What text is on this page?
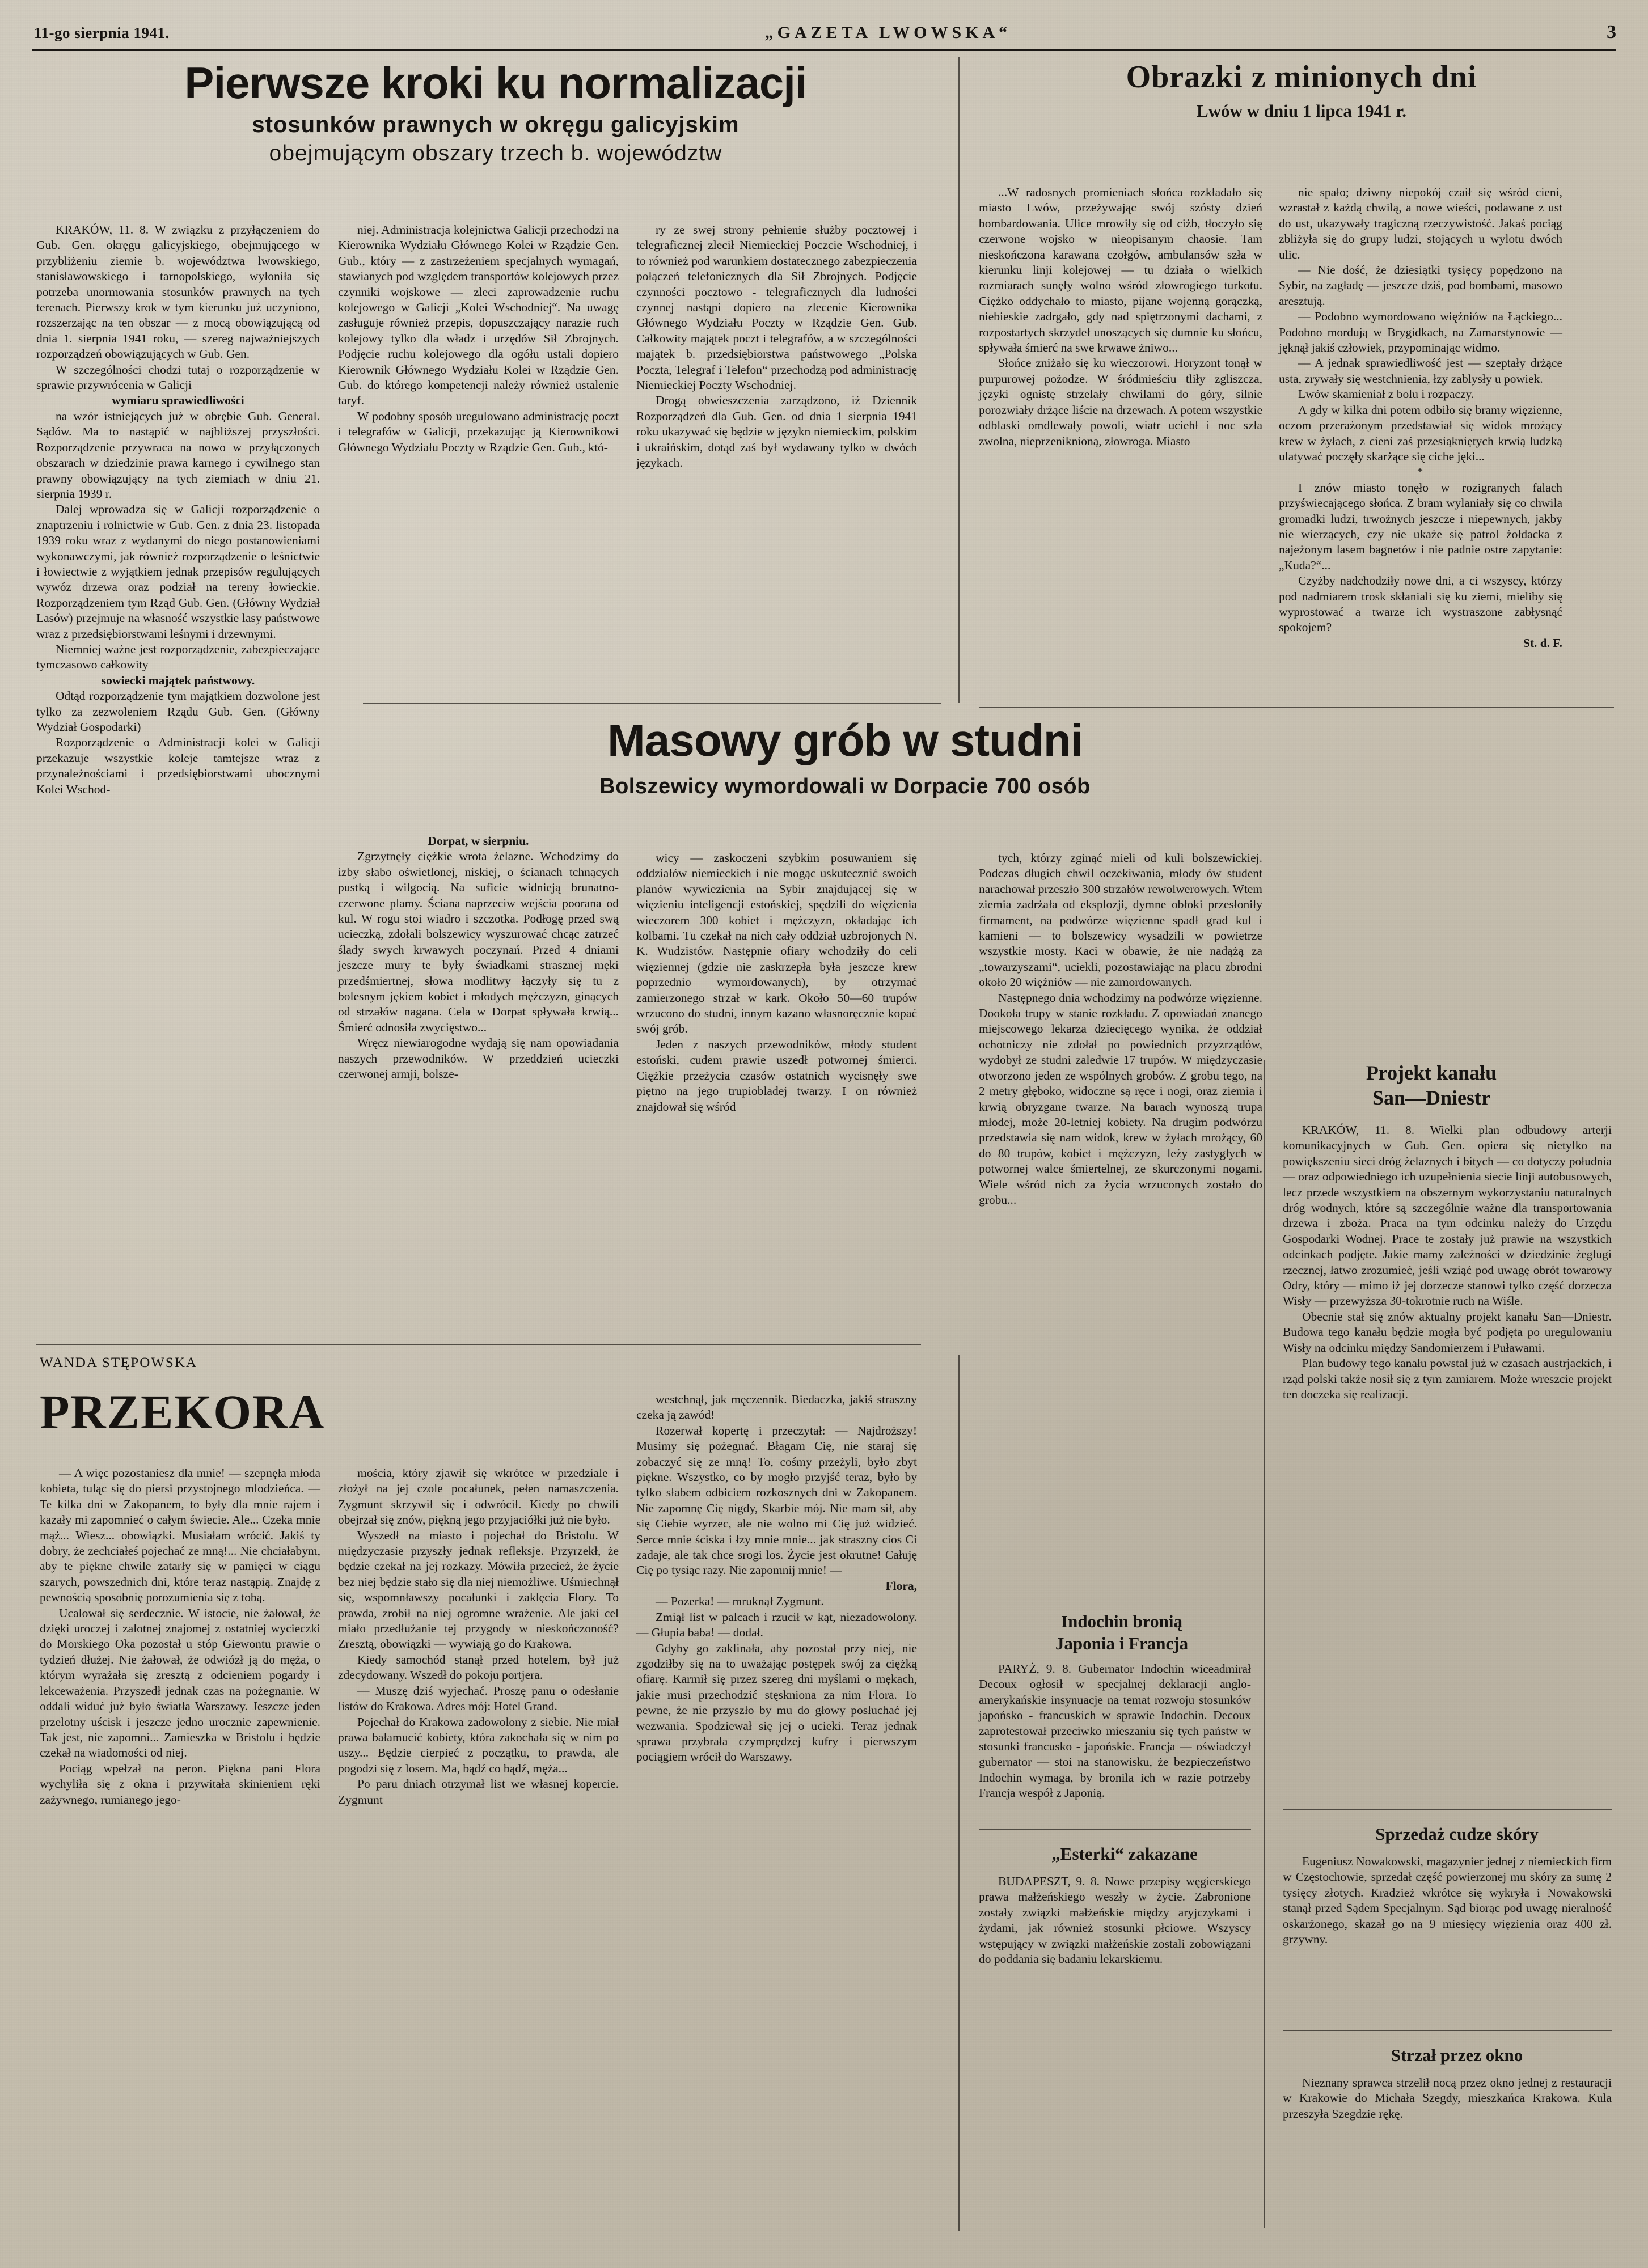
11-go sierpnia 1941.	„GAZETA LWOWSKA“	3
Pierwsze kroki ku normalizacji
stosunków prawnych w okręgu galicyjskim
obejmującym obszary trzech b. województw

KRAKÓW, 11. 8. W związku z przyłączeniem do Gub. Gen. okręgu galicyjskiego, obejmującego w przybliżeniu ziemie b. województwa lwowskiego, stanisławowskiego i tarnopolskiego, wyłoniła się potrzeba unormowania stosunków prawnych na tych terenach. Pierwszy krok w tym kierunku już uczyniono, rozszerzając na ten obszar — z mocą obowiązującą od dnia 1. sierpnia 1941 roku, — szereg najważniejszych rozporządzeń obowiązujących w Gub. Gen.

W szczególności chodzi tutaj o rozporządzenie w sprawie przywrócenia w Galicji

wymiaru sprawiedliwości

na wzór istniejących już w obrębie Gub. General. Sądów. Ma to nastąpić w najbliższej przyszłości. Rozporządzenie przywraca na nowo w przyłączonych obszarach w dziedzinie prawa karnego i cywilnego stan prawny obowiązujący na tych ziemiach w dniu 21. sierpnia 1939 r.

Dalej wprowadza się w Galicji rozporządzenie o znaptrzeniu i rolnictwie w Gub. Gen. z dnia 23. listopada 1939 roku wraz z wydanymi do niego postanowieniami wykonawczymi, jak również rozporządzenie o leśnictwie i łowiectwie z wyjątkiem jednak przepisów regulujących wywóz drzewa oraz podział na tereny łowieckie. Rozporządzeniem tym Rząd Gub. Gen. (Główny Wydział Lasów) przejmuje na własność wszystkie lasy państwowe wraz z przedsiębiorstwami leśnymi i drzewnymi.

Niemniej ważne jest rozporządzenie, zabezpieczające tymczasowo całkowity

sowiecki majątek państwowy.

Odtąd rozporządzenie tym majątkiem dozwolone jest tylko za zezwoleniem Rządu Gub. Gen. (Główny Wydział Gospodarki)

Rozporządzenie o Administracji kolei w Galicji przekazuje wszystkie koleje tamtejsze wraz z przynależnościami i przedsiębiorstwami ubocznymi Kolei Wschod-

niej. Administracja kolejnictwa Galicji przechodzi na Kierownika Wydziału Głównego Kolei w Rządzie Gen. Gub., który — z zastrzeżeniem specjalnych wymagań, stawianych pod względem transportów kolejowych przez czynniki wojskowe — zleci zaprowadzenie ruchu kolejowego w Galicji „Kolei Wschodniej“. Na uwagę zasługuje również przepis, dopuszczający narazie ruch kolejowy tylko dla władz i urzędów Sił Zbrojnych. Podjęcie ruchu kolejowego dla ogółu ustali dopiero Kierownik Głównego Wydziału Kolei w Rządzie Gen. Gub. do którego kompetencji należy również ustalenie taryf.

W podobny sposób uregulowano administrację poczt i telegrafów w Galicji, przekazując ją Kierownikowi Głównego Wydziału Poczty w Rządzie Gen. Gub., któ-

ry ze swej strony pełnienie służby pocztowej i telegraficznej zlecił Niemieckiej Poczcie Wschodniej, i to również pod warunkiem dostatecznego zabezpieczenia połączeń telefonicznych dla Sił Zbrojnych. Podjęcie czynności pocztowo - telegraficznych dla ludności czynnej nastąpi dopiero na zlecenie Kierownika Głównego Wydziału Poczty w Rządzie Gen. Gub. Całkowity majątek poczt i telegrafów, a w szczególności majątek b. przedsiębiorstwa państwowego „Polska Poczta, Telegraf i Telefon“ przechodzą pod administrację Niemieckiej Poczty Wschodniej.

Drogą obwieszczenia zarządzono, iż Dziennik Rozporządzeń dla Gub. Gen. od dnia 1 sierpnia 1941 roku ukazywać się będzie w językn niemieckim, polskim i ukraińskim, dotąd zaś był wydawany tylko w dwóch językach.

Obrazki z minionych dni
Lwów w dniu 1 lipca 1941 r.

...W radosnych promieniach słońca rozkładało się miasto Lwów, przeżywając swój szósty dzień bombardowania. Ulice mrowiły się od ciżb, tłoczyło się czerwone wojsko w nieopisanym chaosie. Tam nieskończona karawana czołgów, ambulansów szła w kierunku linji kolejowej — tu działa o wielkich rozmiarach sunęły wolno wśród złowrogiego turkotu. Ciężko oddychało to miasto, pijane wojenną gorączką, niebieskie zadrgało, gdy nad spiętrzonymi dachami, z rozpostartych skrzydeł unoszących się dumnie ku słońcu, spływała śmierć na swe krwawe żniwo...

Słońce zniżało się ku wieczorowi. Horyzont tonął w purpurowej pożodze. W śródmieściu tliły zgliszcza, języki ognistę strzelały chwilami do góry, silnie porozwiały drżące liście na drzewach. A potem wszystkie odblaski omdlewały powoli, wiatr uciehł i noc szła zwolna, nieprzeniknioną, złowroga. Miasto

nie spało; dziwny niepokój czaił się wśród cieni, wzrastał z każdą chwilą, a nowe wieści, podawane z ust do ust, ukazywały tragiczną rzeczywistość. Jakaś pociąg zbliżyła się do grupy ludzi, stojących u wylotu dwóch ulic.

— Nie dość, że dziesiątki tysięcy popędzono na Sybir, na zagładę — jeszcze dziś, pod bombami, masowo aresztują.

— Podobno wymordowano więźniów na Łąckiego... Podobno mordują w Brygidkach, na Zamarstynowie — jęknął jakiś człowiek, przypominając widmo.

— A jednak sprawiedliwość jest — szeptały drżące usta, zrywały się westchnienia, łzy zablysły u powiek.

Lwów skamieniał z bolu i rozpaczy.

A gdy w kilka dni potem odbiło się bramy więzienne, oczom przerażonym przedstawiał się widok mrożący krew w żyłach, z cieni zaś przesiąkniętych krwią ludzką ulatywać poczęły skarżące się ciche jęki...

*

I znów miasto tonęło w rozigranych falach przyświecającego słońca. Z bram wylaniały się co chwila gromadki ludzi, trwożnych jeszcze i niepewnych, jakby nie wierzących, czy nie ukaże się patrol żołdacka z najeżonym lasem bagnetów i nie padnie ostre zapytanie: „Kuda?“...

Czyżby nadchodziły nowe dni, a ci wszyscy, którzy pod nadmiarem trosk skłaniali się ku ziemi, mieliby się wyprostować a twarze ich wystraszone zabłysnąć spokojem?

St. d. F.

Masowy grób w studni
Bolszewicy wymordowali w Dorpacie 700 osób

Dorpat, w sierpniu.

Zgrzytnęły ciężkie wrota żelazne. Wchodzimy do izby słabo oświetlonej, niskiej, o ścianach tchnących pustką i wilgocią. Na suficie widnieją brunatno-czerwone plamy. Ściana naprzeciw wejścia poorana od kul. W rogu stoi wiadro i szczotka. Podłogę przed swą ucieczką, zdołali bolszewicy wyszurować chcąc zatrzeć ślady swych krwawych poczynań. Przed 4 dniami jeszcze mury te były świadkami strasznej męki przedśmiertnej, słowa modlitwy łączyły się tu z bolesnym jękiem kobiet i młodych mężczyzn, ginących od strzałów nagana. Cela w Dorpat spływała krwią... Śmierć odnosiła zwycięstwo...

Wręcz niewiarogodne wydają się nam opowiadania naszych przewodników. W przeddzień ucieczki czerwonej armji, bolsze-

wicy — zaskoczeni szybkim posuwaniem się oddziałów niemieckich i nie mogąc uskutecznić swoich planów wywiezienia na Sybir znajdującej się w więzieniu inteligencji estońskiej, spędzili do więzienia wieczorem 300 kobiet i mężczyzn, okładając ich kolbami. Tu czekał na nich cały oddział uzbrojonych N. K. Wudzistów. Następnie ofiary wchodziły do celi więziennej (gdzie nie zaskrzepła była jeszcze krew poprzednio wymordowanych), by otrzymać zamierzonego strzał w kark. Około 50—60 trupów wrzucono do studni, innym kazano własnoręcznie kopać swój grób.

Jeden z naszych przewodników, młody student estoński, cudem prawie uszedł potwornej śmierci. Ciężkie przeżycia czasów ostatnich wycisnęły swe piętno na jego trupiobladej twarzy. I on również znajdował się wśród

tych, którzy zginąć mieli od kuli bolszewickiej. Podczas długich chwil oczekiwania, młody ów student narachował przeszło 300 strzałów rewolwerowych. Wtem ziemia zadrżała od eksplozji, dymne obłoki przesłoniły firmament, na podwórze więzienne spadł grad kul i kamieni — to bolszewicy wysadzili w powietrze wszystkie mosty. Kaci w obawie, że nie nadążą za „towarzyszami“, uciekli, pozostawiając na placu zbrodni około 20 więźniów — nie zamordowanych.

Następnego dnia wchodzimy na podwórze więzienne. Dookoła trupy w stanie rozkładu. Z opowiadań znanego miejscowego lekarza dziecięcego wynika, że oddział ochotniczy nie zdołał po powiednich przyzrządów, wydobył ze studni zaledwie 17 trupów. W międzyczasie otworzono jeden ze wspólnych grobów. Z grobu tego, na 2 metry głęboko, widoczne są ręce i nogi, oraz ziemia i krwią obryzgane twarze. Na barach wynoszą trupa młodej, może 20-letniej kobiety. Na drugim podwórzu przedstawia się nam widok, krew w żyłach mrożący, 60 do 80 trupów, kobiet i mężczyzn, leży zastygłych w potwornej walce śmiertelnej, ze skurczonymi nogami. Wiele wśród nich za życia wrzuconych zostało do grobu...

Projekt kanału

San—Dniestr

KRAKÓW, 11. 8. Wielki plan odbudowy arterji komunikacyjnych w Gub. Gen. opiera się nietylko na powiększeniu sieci dróg żelaznych i bitych — co dotyczy południa — oraz odpowiedniego ich uzupełnienia siecie linji autobusowych, lecz przede wszystkiem na obszernym wykorzystaniu naturalnych dróg wodnych, które są szczególnie ważne dla transportowania drzewa i zboża. Praca na tym odcinku należy do Urzędu Gospodarki Wodnej. Prace te zostały już prawie na wszystkich odcinkach podjęte. Jakie mamy zależności w dziedzinie żeglugi rzecznej, łatwo zrozumieć, jeśli wziąć pod uwagę obrót towarowy Odry, który — mimo iż jej dorzecze stanowi tylko część dorzecza Wisły — przewyższa 30-tokrotnie ruch na Wiśle.

Obecnie stał się znów aktualny projekt kanału San—Dniestr. Budowa tego kanału będzie mogła być podjęta po uregulowaniu Wisły na odcinku między Sandomierzem i Puławami.

Plan budowy tego kanału powstał już w czasach austrjackich, i rząd polski także nosił się z tym zamiarem. Może wreszcie projekt ten doczeka się realizacji.

WANDA STĘPOWSKA
PRZEKORA

— A więc pozostaniesz dla mnie! — szepnęła młoda kobieta, tuląc się do piersi przystojnego mlodzieńca. — Te kilka dni w Zakopanem, to były dla mnie rajem i kazały mi zapomnieć o całym świecie. Ale... Czeka mnie mąż... Wiesz... obowiązki. Musiałam wrócić. Jakiś ty dobry, że zechciałeś pojechać ze mną!... Nie chciałabym, aby te piękne chwile zatarły się w pamięci w ciągu szarych, powszednich dni, które teraz nastąpią. Znajdę z pewnością sposobnię porozumienia się z tobą.

Ucalował się serdecznie. W istocie, nie żałował, że dzięki uroczej i zalotnej znajomej z ostatniej wycieczki do Morskiego Oka pozostał u stóp Giewontu prawie o tydzień dłużej. Nie żałował, że odwiózł ją do męża, o którym wyrażała się zresztą z odcieniem pogardy i lekceważenia. Przyszedł jednak czas na pożegnanie. W oddali widuć już było światła Warszawy. Jeszcze jeden przelotny uścisk i jeszcze jedno urocznie zapewnienie. Tak jest, nie zapomni... Zamieszka w Bristolu i będzie czekał na wiadomości od niej.

Pociąg wpełzał na peron. Piękna pani Flora wychyliła się z okna i przywitała skinieniem ręki zażywnego, rumianego jego-

mościa, który zjawił się wkrótce w przedziale i złożył na jej czole pocałunek, pełen namaszczenia. Zygmunt skrzywił się i odwrócił. Kiedy po chwili obejrzał się znów, piękną jego przyjaciółki już nie było.

Wyszedł na miasto i pojechał do Bristolu. W międzyczasie przyszły jednak refleksje. Przyrzekł, że będzie czekał na jej rozkazy. Mówiła przecież, że życie bez niej będzie stało się dla niej niemożliwe. Uśmiechnął się, wspomnławszy pocałunki i zaklęcia Flory. To prawda, zrobił na niej ogromne wrażenie. Ale jaki cel miało przedłużanie tej przygody w nieskończoność? Zresztą, obowiązki — wywiają go do Krakowa.

Kiedy samochód stanął przed hotelem, był już zdecydowany. Wszedł do pokoju portjera.

— Muszę dziś wyjechać. Proszę panu o odesłanie listów do Krakowa. Adres mój: Hotel Grand.

Pojechał do Krakowa zadowolony z siebie. Nie miał prawa bałamucić kobiety, która zakochała się w nim po uszy... Będzie cierpieć z początku, to prawda, ale pogodzi się z losem. Ma, bądź co bądź, męża...

Po paru dniach otrzymał list we własnej kopercie. Zygmunt

westchnął, jak męczennik. Biedaczka, jakiś straszny czeka ją zawód!

Rozerwał kopertę i przeczytał: — Najdroższy! Musimy się pożegnać. Błagam Cię, nie staraj się zobaczyć się ze mną! To, cośmy przeżyli, było zbyt piękne. Wszystko, co by mogło przyjść teraz, było by tylko słabem odbiciem rozkosznych dni w Zakopanem. Nie zapomnę Cię nigdy, Skarbie mój. Nie mam sił, aby się Ciebie wyrzec, ale nie wolno mi Cię już widzieć. Serce mnie ściska i łzy mnie mnie... jak straszny cios Ci zadaje, ale tak chce srogi los. Życie jest okrutne! Całuję Cię po tysiąc razy. Nie zapomnij mnie! —

Flora,

— Pozerka! — mruknął Zygmunt.

Zmiął list w palcach i rzucił w kąt, niezadowolony. — Głupia baba! — dodał.

Gdyby go zaklinała, aby pozostał przy niej, nie zgodziłby się na to uważając postępek swój za ciężką ofiarę. Karmił się przez szereg dni myślami o mękach, jakie musi przechodzić stęskniona za nim Flora. To pewne, że nie przyszło by mu do głowy posłuchać jej wezwania. Spodziewał się jej o ucieki. Teraz jednak sprawa przybrała czymprędzej kufry i pierwszym pociągiem wrócił do Warszawy.

Indochin bronią

Japonia i Francja

PARYŻ, 9. 8. Gubernator Indochin wiceadmirał Decoux ogłosił w specjalnej deklaracji anglo-amerykańskie insynuacje na temat rozwoju stosunków japońsko - francuskich w sprawie Indochin. Decoux zaprotestował przeciwko mieszaniu się tych państw w stosunki francusko - japońskie. Francja — oświadczył gubernator — stoi na stanowisku, że bezpieczeństwo Indochin wymaga, by bronila ich w razie potrzeby Francja wespół z Japonią.

„Esterki“ zakazane

BUDAPESZT, 9. 8. Nowe przepisy węgierskiego prawa małżeńskiego weszły w życie. Zabronione zostały związki małżeńskie między aryjczykami i żydami, jak również stosunki płciowe. Wszyscy wstępujący w związki małżeńskie zostali zobowiązani do poddania się badaniu lekarskiemu.

Sprzedaż cudze skóry

Eugeniusz Nowakowski, magazynier jednej z niemieckich firm w Częstochowie, sprzedał część powierzonej mu skóry za sumę 2 tysięcy złotych. Kradzież wkrótce się wykryła i Nowakowski stanął przed Sądem Specjalnym. Sąd biorąc pod uwagę nieralność oskarżonego, skazał go na 9 miesięcy więzienia oraz 400 zł. grzywny.

Strzał przez okno

Nieznany sprawca strzelił nocą przez okno jednej z restauracji w Krakowie do Michała Szegdy, mieszkańca Krakowa. Kula przeszyła Szegdzie rękę.
